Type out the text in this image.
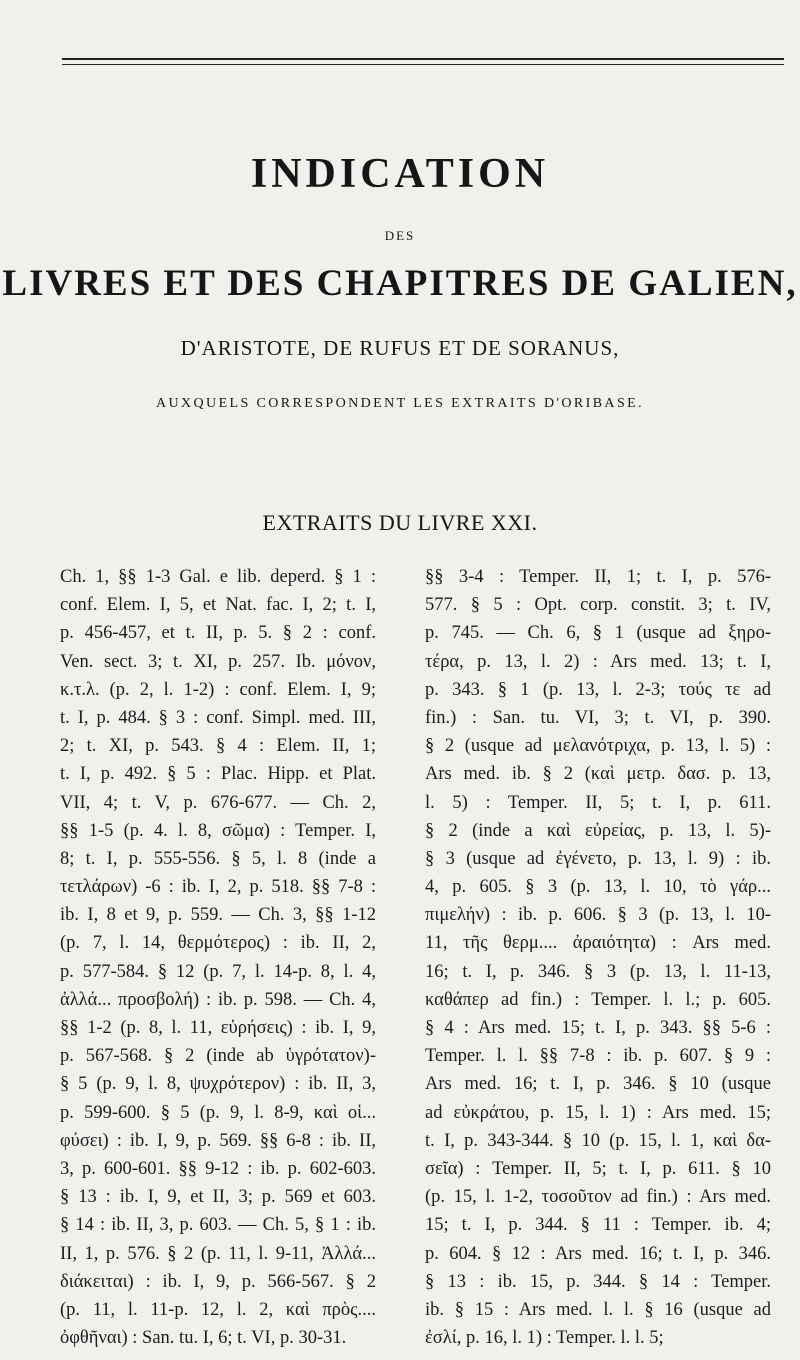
INDICATION
DES
LIVRES ET DES CHAPITRES DE GALIEN,
D'ARISTOTE, DE RUFUS ET DE SORANUS,
AUXQUELS CORRESPONDENT LES EXTRAITS D'ORIBASE.
EXTRAITS DU LIVRE XXI.
Ch. 1, §§ 1-3 Gal. e lib. deperd. § 1 :
conf. Elem. I, 5, et Nat. fac. I, 2; t. I,
p. 456-457, et t. II, p. 5. § 2 : conf.
Ven. sect. 3; t. XI, p. 257. Ib. μόνον,
κ.τ.λ. (p. 2, l. 1-2) : conf. Elem. I, 9;
t. I, p. 484. § 3 : conf. Simpl. med. III,
2; t. XI, p. 543. § 4 : Elem. II, 1;
t. I, p. 492. § 5 : Plac. Hipp. et Plat.
VII, 4; t. V, p. 676-677. — Ch. 2,
§§ 1-5 (p. 4. l. 8, σῶμα) : Temper. I,
8; t. I, p. 555-556. § 5, l. 8 (inde a
τετλάρων) -6 : ib. I, 2, p. 518. §§ 7-8 :
ib. I, 8 et 9, p. 559. — Ch. 3, §§ 1-12
(p. 7, l. 14, θερμότερος) : ib. II, 2,
p. 577-584. § 12 (p. 7, l. 14-p. 8, l. 4,
ἀλλά... προσβολή) : ib. p. 598. — Ch. 4,
§§ 1-2 (p. 8, l. 11, εὑρήσεις) : ib. I, 9,
p. 567-568. § 2 (inde ab ὑγρότατον)-
§ 5 (p. 9, l. 8, ψυχρότερον) : ib. II, 3,
p. 599-600. § 5 (p. 9, l. 8-9, καὶ οἱ...
φύσει) : ib. I, 9, p. 569. §§ 6-8 : ib. II,
3, p. 600-601. §§ 9-12 : ib. p. 602-603.
§ 13 : ib. I, 9, et II, 3; p. 569 et 603.
§ 14 : ib. II, 3, p. 603. — Ch. 5, § 1 : ib.
II, 1, p. 576. § 2 (p. 11, l. 9-11, Ἀλλά...
διάκειται) : ib. I, 9, p. 566-567. § 2
(p. 11, l. 11-p. 12, l. 2, καὶ πρὸς....
ὀφθῆναι) : San. tu. I, 6; t. VI, p. 30-31.
§§ 3-4 : Temper. II, 1; t. I, p. 576-
577. § 5 : Opt. corp. constit. 3; t. IV,
p. 745. — Ch. 6, § 1 (usque ad ξηρο-
τέρα, p. 13, l. 2) : Ars med. 13; t. I,
p. 343. § 1 (p. 13, l. 2-3; τούς τε ad
fin.) : San. tu. VI, 3; t. VI, p. 390.
§ 2 (usque ad μελανότριχα, p. 13, l. 5) :
Ars med. ib. § 2 (καὶ μετρ. δασ. p. 13,
l. 5) : Temper. II, 5; t. I, p. 611.
§ 2 (inde a καὶ εὐρείας, p. 13, l. 5)-
§ 3 (usque ad ἐγένετο, p. 13, l. 9) : ib.
4, p. 605. § 3 (p. 13, l. 10, τὸ γάρ...
πιμελήν) : ib. p. 606. § 3 (p. 13, l. 10-
11, τῆς θερμ.... ἀραιότητα) : Ars med.
16; t. I, p. 346. § 3 (p. 13, l. 11-13,
καθάπερ ad fin.) : Temper. l. l.; p. 605.
§ 4 : Ars med. 15; t. I, p. 343. §§ 5-6 :
Temper. l. l. §§ 7-8 : ib. p. 607. § 9 :
Ars med. 16; t. I, p. 346. § 10 (usque
ad εὐκράτου, p. 15, l. 1) : Ars med. 15;
t. I, p. 343-344. § 10 (p. 15, l. 1, καὶ δα-
σεῖα) : Temper. II, 5; t. I, p. 611. § 10
(p. 15, l. 1-2, τοσοῦτον ad fin.) : Ars med.
15; t. I, p. 344. § 11 : Temper. ib. 4;
p. 604. § 12 : Ars med. 16; t. I, p. 346.
§ 13 : ib. 15, p. 344. § 14 : Temper.
ib. § 15 : Ars med. l. l. § 16 (usque ad
ἐσλί, p. 16, l. 1) : Temper. l. l. 5;
